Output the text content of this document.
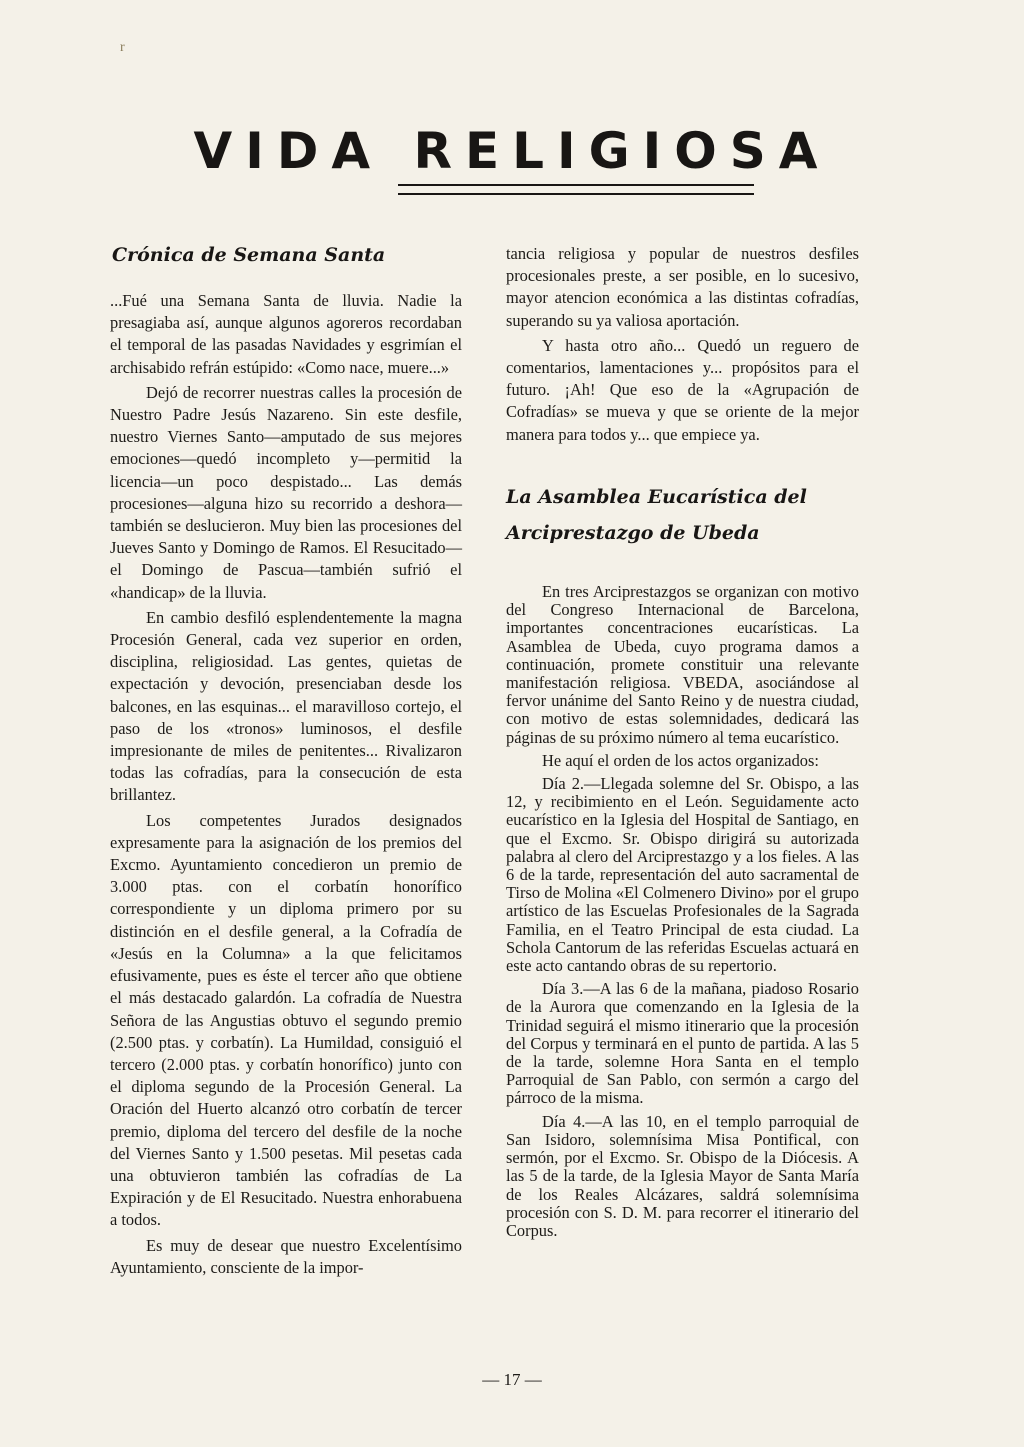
r
VIDA RELIGIOSA
Crónica de Semana Santa

...Fué una Semana Santa de lluvia. Nadie la presagiaba así, aunque algunos agoreros recordaban el temporal de las pasadas Navidades y esgrimían el archisabido refrán estúpido: «Como nace, muere...»

Dejó de recorrer nuestras calles la procesión de Nuestro Padre Jesús Nazareno. Sin este desfile, nuestro Viernes Santo—amputado de sus mejores emociones—quedó incompleto y—permitid la licencia—un poco despistado... Las demás procesiones—alguna hizo su recorrido a deshora—también se deslucieron. Muy bien las procesiones del Jueves Santo y Domingo de Ramos. El Resucitado—el Domingo de Pascua—también sufrió el «handicap» de la lluvia.

En cambio desfiló esplendentemente la magna Procesión General, cada vez superior en orden, disciplina, religiosidad. Las gentes, quietas de expectación y devoción, presenciaban desde los balcones, en las esquinas... el maravilloso cortejo, el paso de los «tronos» luminosos, el desfile impresionante de miles de penitentes... Rivalizaron todas las cofradías, para la consecución de esta brillantez.

Los competentes Jurados designados expresamente para la asignación de los premios del Excmo. Ayuntamiento concedieron un premio de 3.000 ptas. con el corbatín honorífico correspondiente y un diploma primero por su distinción en el desfile general, a la Cofradía de «Jesús en la Columna» a la que felicitamos efusivamente, pues es éste el tercer año que obtiene el más destacado galardón. La cofradía de Nuestra Señora de las Angustias obtuvo el segundo premio (2.500 ptas. y corbatín). La Humildad, consiguió el tercero (2.000 ptas. y corbatín honorífico) junto con el diploma segundo de la Procesión General. La Oración del Huerto alcanzó otro corbatín de tercer premio, diploma del tercero del desfile de la noche del Viernes Santo y 1.500 pesetas. Mil pesetas cada una obtuvieron también las cofradías de La Expiración y de El Resucitado. Nuestra enhorabuena a todos.

Es muy de desear que nuestro Excelentísimo Ayuntamiento, consciente de la impor-

tancia religiosa y popular de nuestros desfiles procesionales preste, a ser posible, en lo sucesivo, mayor atencion económica a las distintas cofradías, superando su ya valiosa aportación.

Y hasta otro año... Quedó un reguero de comentarios, lamentaciones y... propósitos para el futuro. ¡Ah! Que eso de la «Agrupación de Cofradías» se mueva y que se oriente de la mejor manera para todos y... que empiece ya.

La Asamblea Eucarística del
Arciprestazgo de Ubeda

En tres Arciprestazgos se organizan con motivo del Congreso Internacional de Barcelona, importantes concentraciones eucarísticas. La Asamblea de Ubeda, cuyo programa damos a continuación, promete constituir una relevante manifestación religiosa. VBEDA, asociándose al fervor unánime del Santo Reino y de nuestra ciudad, con motivo de estas solemnidades, dedicará las páginas de su próximo número al tema eucarístico.

He aquí el orden de los actos organizados:

Día 2.—Llegada solemne del Sr. Obispo, a las 12, y recibimiento en el León. Seguidamente acto eucarístico en la Iglesia del Hospital de Santiago, en que el Excmo. Sr. Obispo dirigirá su autorizada palabra al clero del Arciprestazgo y a los fieles. A las 6 de la tarde, representación del auto sacramental de Tirso de Molina «El Colmenero Divino» por el grupo artístico de las Escuelas Profesionales de la Sagrada Familia, en el Teatro Principal de esta ciudad. La Schola Cantorum de las referidas Escuelas actuará en este acto cantando obras de su repertorio.

Día 3.—A las 6 de la mañana, piadoso Rosario de la Aurora que comenzando en la Iglesia de la Trinidad seguirá el mismo itinerario que la procesión del Corpus y terminará en el punto de partida. A las 5 de la tarde, solemne Hora Santa en el templo Parroquial de San Pablo, con sermón a cargo del párroco de la misma.

Día 4.—A las 10, en el templo parroquial de San Isidoro, solemnísima Misa Pontifical, con sermón, por el Excmo. Sr. Obispo de la Diócesis. A las 5 de la tarde, de la Iglesia Mayor de Santa María de los Reales Alcázares, saldrá solemnísima procesión con S. D. M. para recorrer el itinerario del Corpus.

— 17 —
